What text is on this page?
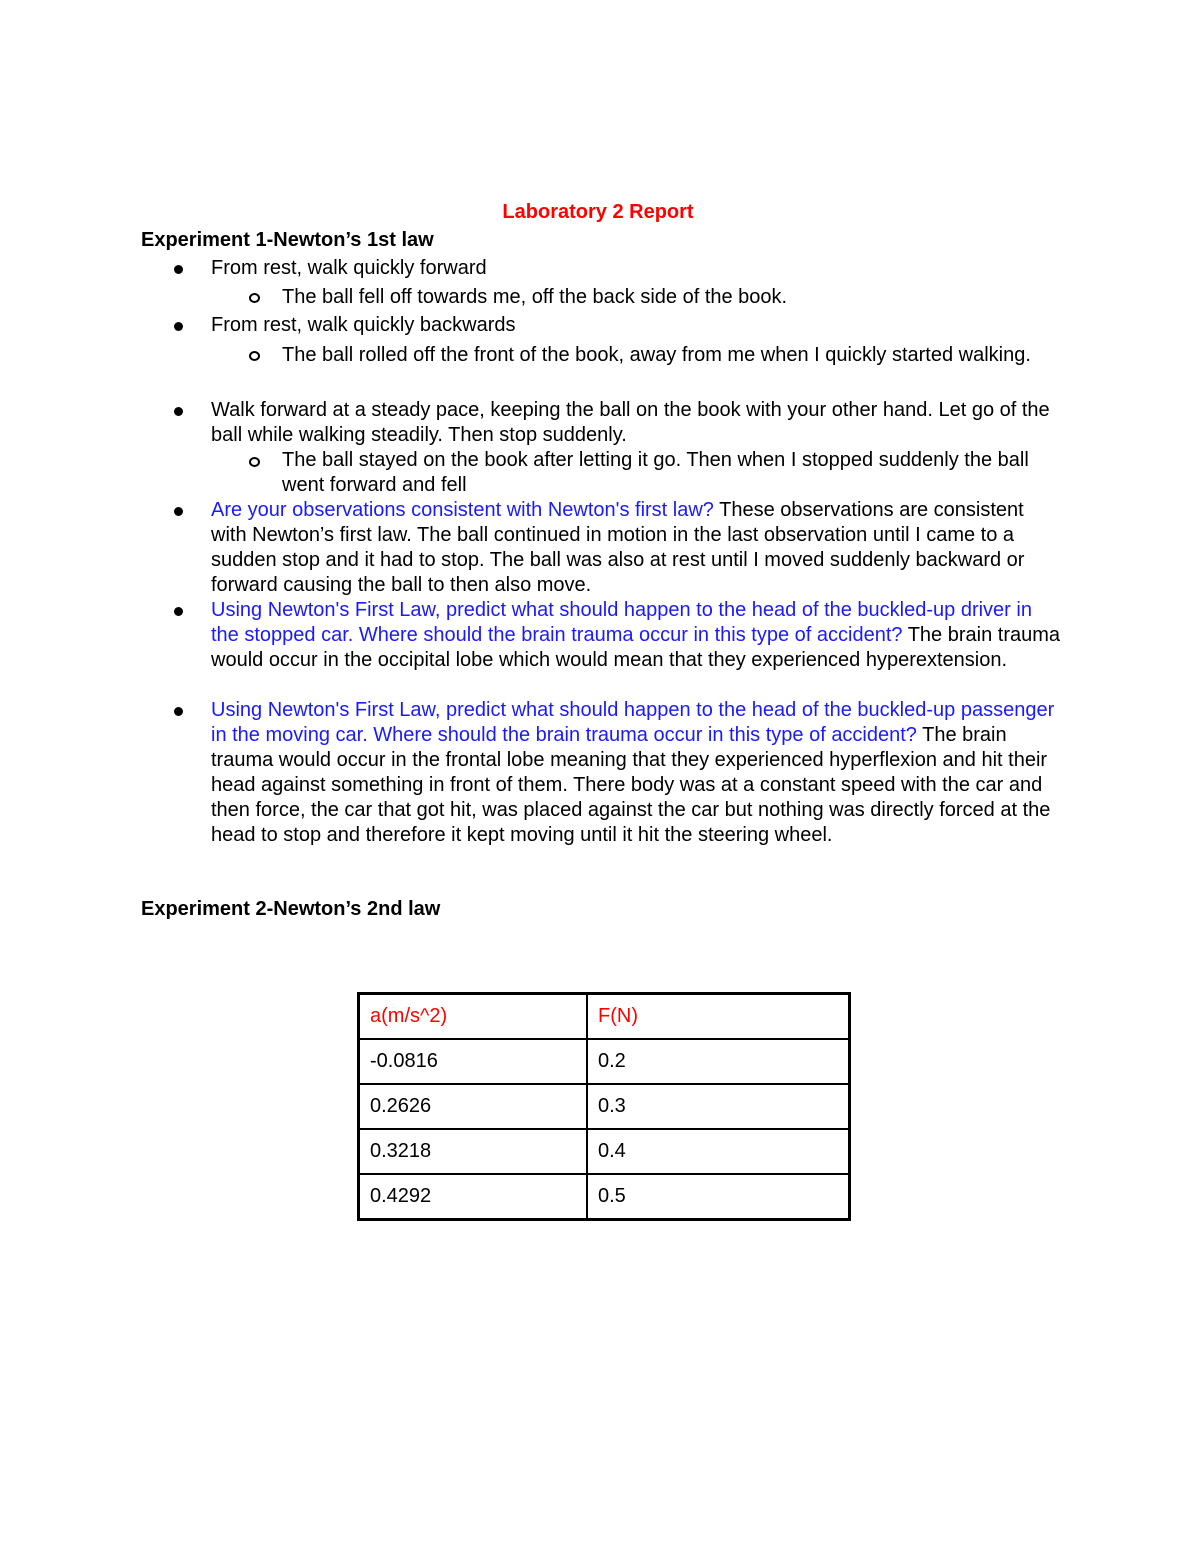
Laboratory 2 Report
Experiment 1-Newton’s 1st law
From rest, walk quickly forward
The ball fell off towards me, off the back side of the book.
From rest, walk quickly backwards
The ball rolled off the front of the book, away from me when I quickly started walking.
Walk forward at a steady pace, keeping the ball on the book with your other hand. Let go of the ball while walking steadily. Then stop suddenly.
The ball stayed on the book after letting it go. Then when I stopped suddenly the ball went forward and fell
Are your observations consistent with Newton's first law? These observations are consistent with Newton’s first law. The ball continued in motion in the last observation until I came to a sudden stop and it had to stop. The ball was also at rest until I moved suddenly backward or forward causing the ball to then also move.
Using Newton's First Law, predict what should happen to the head of the buckled-up driver in the stopped car. Where should the brain trauma occur in this type of accident? The brain trauma would occur in the occipital lobe which would mean that they experienced hyperextension.
Using Newton's First Law, predict what should happen to the head of the buckled-up passenger in the moving car. Where should the brain trauma occur in this type of accident? The brain trauma would occur in the frontal lobe meaning that they experienced hyperflexion and hit their head against something in front of them. There body was at a constant speed with the car and then force, the car that got hit, was placed against the car but nothing was directly forced at the head to stop and therefore it kept moving until it hit the steering wheel.
Experiment 2-Newton’s 2nd law
a(m/s^2)	F(N)
-0.0816	0.2
0.2626	0.3
0.3218	0.4
0.4292	0.5
